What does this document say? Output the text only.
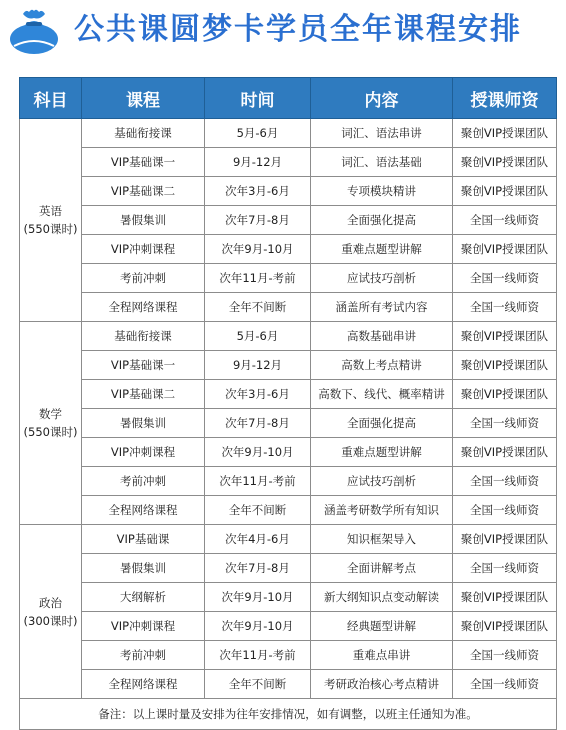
公共课圆梦卡学员全年课程安排
科目	课程	时间	内容	授课师资

英语
(550课时)	基础衔接课	5月-6月	词汇、语法串讲	聚创VIP授课团队
	VIP基础课一	9月-12月	词汇、语法基础	聚创VIP授课团队
	VIP基础课二	次年3月-6月	专项模块精讲	聚创VIP授课团队
	暑假集训	次年7月-8月	全面强化提高	全国一线师资
	VIP冲刺课程	次年9月-10月	重难点题型讲解	聚创VIP授课团队
	考前冲刺	次年11月-考前	应试技巧剖析	全国一线师资
	全程网络课程	全年不间断	涵盖所有考试内容	全国一线师资

数学
(550课时)	基础衔接课	5月-6月	高数基础串讲	聚创VIP授课团队
	VIP基础课一	9月-12月	高数上考点精讲	聚创VIP授课团队
	VIP基础课二	次年3月-6月	高数下、线代、概率精讲	聚创VIP授课团队
	暑假集训	次年7月-8月	全面强化提高	全国一线师资
	VIP冲刺课程	次年9月-10月	重难点题型讲解	聚创VIP授课团队
	考前冲刺	次年11月-考前	应试技巧剖析	全国一线师资
	全程网络课程	全年不间断	涵盖考研数学所有知识	全国一线师资

政治
(300课时)	VIP基础课	次年4月-6月	知识框架导入	聚创VIP授课团队
	暑假集训	次年7月-8月	全面讲解考点	全国一线师资
	大纲解析	次年9月-10月	新大纲知识点变动解读	聚创VIP授课团队
	VIP冲刺课程	次年9月-10月	经典题型讲解	聚创VIP授课团队
	考前冲刺	次年11月-考前	重难点串讲	全国一线师资
	全程网络课程	全年不间断	考研政治核心考点精讲	全国一线师资
备注：以上课时量及安排为往年安排情况，如有调整，以班主任通知为准。				
